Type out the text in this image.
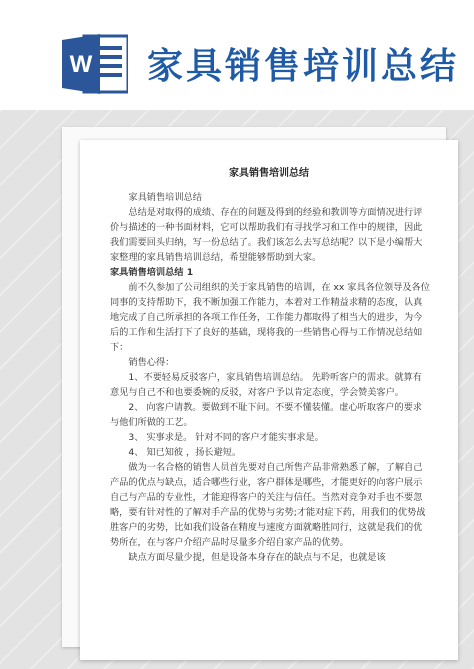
W 家具销售培训总结
家具销售培训总结

家具销售培训总结

总结是对取得的成绩、存在的问题及得到的经验和教训等方面情况进行评价与描述的一种书面材料，它可以帮助我们有寻找学习和工作中的规律，因此我们需要回头归纳，写一份总结了。我们该怎么去写总结呢？以下是小编帮大家整理的家具销售培训总结，希望能够帮助到大家。

家具销售培训总结 1

前不久参加了公司组织的关于家具销售的培训，在 xx 家具各位领导及各位同事的支持帮助下，我不断加强工作能力，本着对工作精益求精的态度，认真地完成了自己所承担的各项工作任务，工作能力都取得了相当大的进步，为今后的工作和生活打下了良好的基础，现将我的一些销售心得与工作情况总结如下：

销售心得：

1、不要轻易反驳客户，家具销售培训总结。 先聆听客户的需求。就算有意见与自己不和也要委婉的反驳，对客户予以肯定态度，学会赞美客户。

2、 向客户请教。要做到不耻下问。不要不懂装懂。虚心听取客户的要求与他们所做的工艺。

3、 实事求是。 针对不同的客户才能实事求是。

4、 知已知彼 ，扬长避短。

做为一名合格的销售人员首先要对自己所售产品非常熟悉了解，了解自己产品的优点与缺点，适合哪些行业，客户群体是哪些，才能更好的向客户展示自己与产品的专业性，才能迎得客户的关注与信任。当然对竞争对手也不要忽略，要有针对性的了解对手产品的优势与劣势;才能对症下药，用我们的优势战胜客户的劣势，比如我们设备在精度与速度方面就略胜同行，这就是我们的优势所在，在与客户介绍产品时尽量多介绍自家产品的优势。

缺点方面尽量少提，但是设备本身存在的缺点与不足，也就是该
